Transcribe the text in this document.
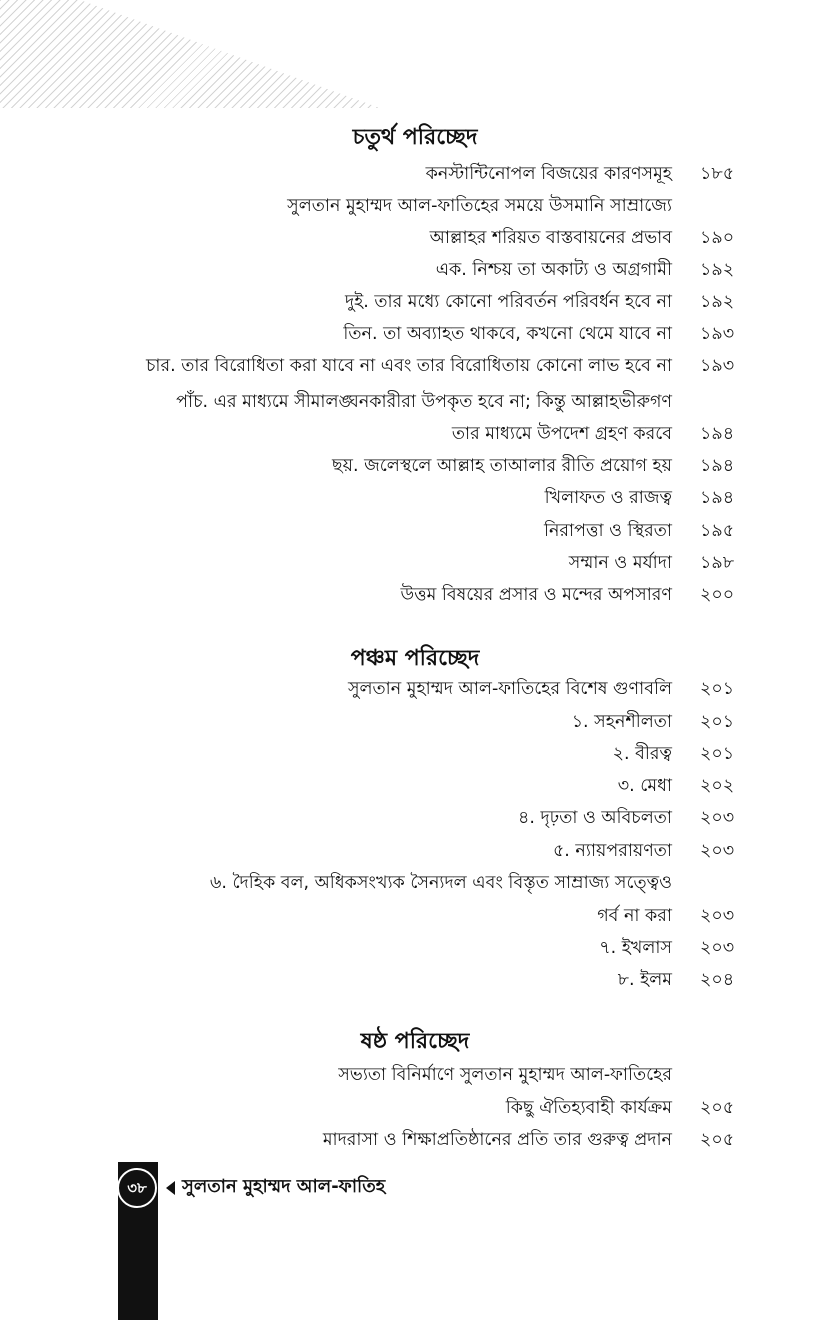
চতুর্থ পরিচ্ছেদ
কনস্টান্টিনোপল বিজয়ের কারণসমূহ ১৮৫
সুলতান মুহাম্মদ আল-ফাতিহের সময়ে উসমানি সাম্রাজ্যে
আল্লাহর শরিয়ত বাস্তবায়নের প্রভাব ১৯০
এক. নিশ্চয় তা অকাট্য ও অগ্রগামী ১৯২
দুই. তার মধ্যে কোনো পরিবর্তন পরিবর্ধন হবে না ১৯২
তিন. তা অব্যাহত থাকবে, কখনো থেমে যাবে না ১৯৩
চার. তার বিরোধিতা করা যাবে না এবং তার বিরোধিতায় কোনো লাভ হবে না ১৯৩
পাঁচ. এর মাধ্যমে সীমালঙ্ঘনকারীরা উপকৃত হবে না; কিন্তু আল্লাহভীরুগণ
তার মাধ্যমে উপদেশ গ্রহণ করবে ১৯৪
ছয়. জলেস্থলে আল্লাহ তাআলার রীতি প্রয়োগ হয় ১৯৪
খিলাফত ও রাজত্ব ১৯৪
নিরাপত্তা ও স্থিরতা ১৯৫
সম্মান ও মর্যাদা ১৯৮
উত্তম বিষয়ের প্রসার ও মন্দের অপসারণ ২০০
পঞ্চম পরিচ্ছেদ
সুলতান মুহাম্মদ আল-ফাতিহের বিশেষ গুণাবলি ২০১
১. সহনশীলতা ২০১
২. বীরত্ব ২০১
৩. মেধা ২০২
৪. দৃঢ়তা ও অবিচলতা ২০৩
৫. ন্যায়পরায়ণতা ২০৩
৬. দৈহিক বল, অধিকসংখ্যক সৈন্যদল এবং বিস্তৃত সাম্রাজ্য সত্ত্বেও
গর্ব না করা ২০৩
৭. ইখলাস ২০৩
৮. ইলম ২০৪
ষষ্ঠ পরিচ্ছেদ
সভ্যতা বিনির্মাণে সুলতান মুহাম্মদ আল-ফাতিহের
কিছু ঐতিহ্যবাহী কার্যক্রম ২০৫
মাদরাসা ও শিক্ষাপ্রতিষ্ঠানের প্রতি তার গুরুত্ব প্রদান ২০৫
৩৮	সুলতান মুহাম্মদ আল-ফাতিহ
